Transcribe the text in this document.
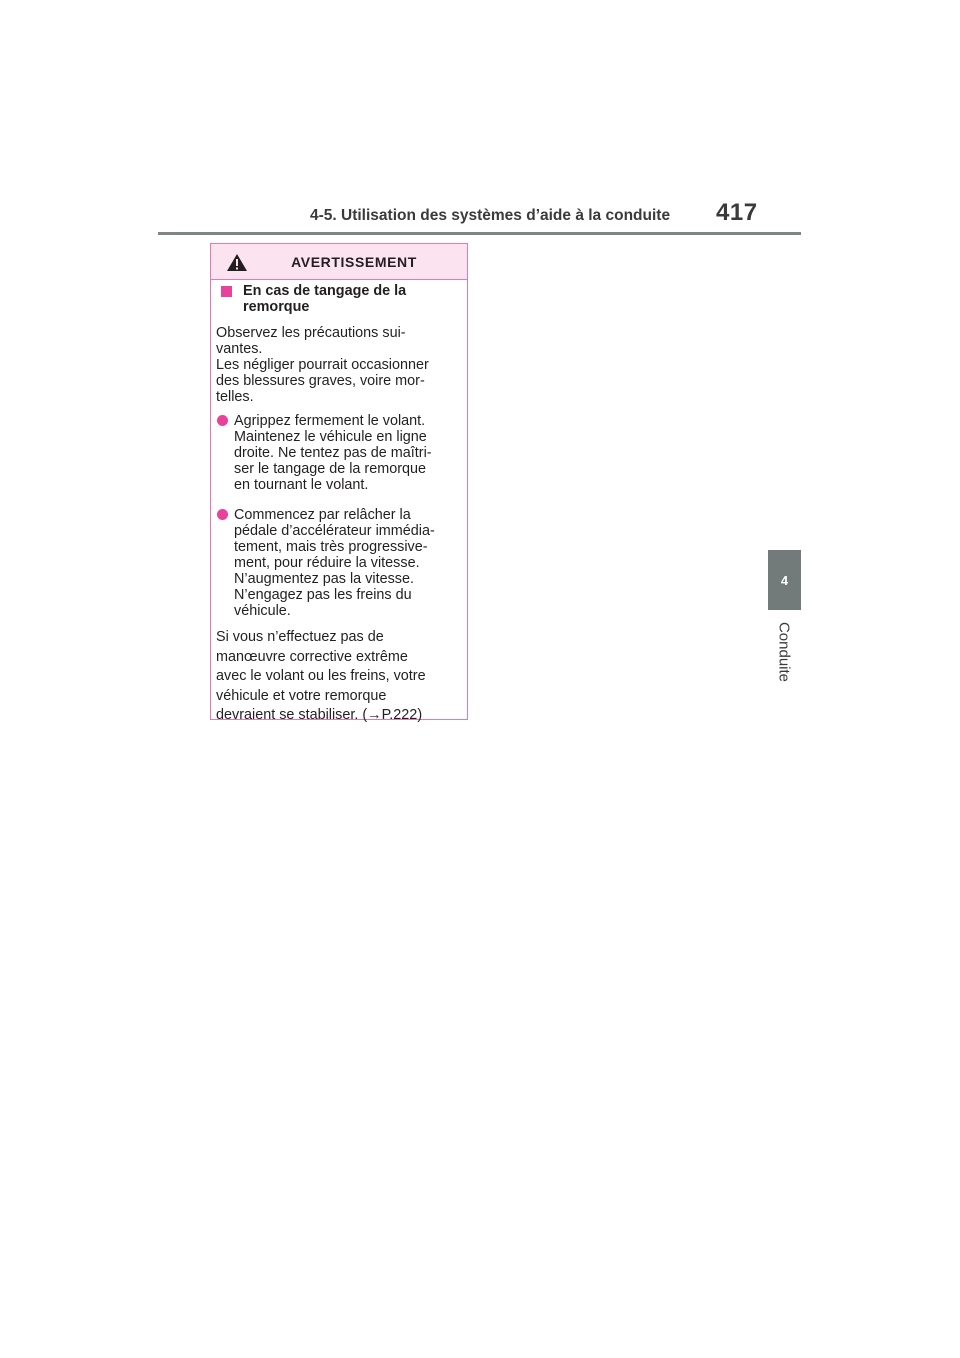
4-5. Utilisation des systèmes d’aide à la conduite 417
4
Conduite
AVERTISSEMENT
En cas de tangage de la
remorque
Observez les précautions sui-
vantes.
Les négliger pourrait occasionner
des blessures graves, voire mor-
telles.
Agrippez fermement le volant.
Maintenez le véhicule en ligne
droite. Ne tentez pas de maîtri-
ser le tangage de la remorque
en tournant le volant.
Commencez par relâcher la
pédale d’accélérateur immédia-
tement, mais très progressive-
ment, pour réduire la vitesse.
N’augmentez pas la vitesse.
N’engagez pas les freins du
véhicule.
Si vous n’effectuez pas de
manœuvre corrective extrême
avec le volant ou les freins, votre
véhicule et votre remorque
devraient se stabiliser. (→P.222)
